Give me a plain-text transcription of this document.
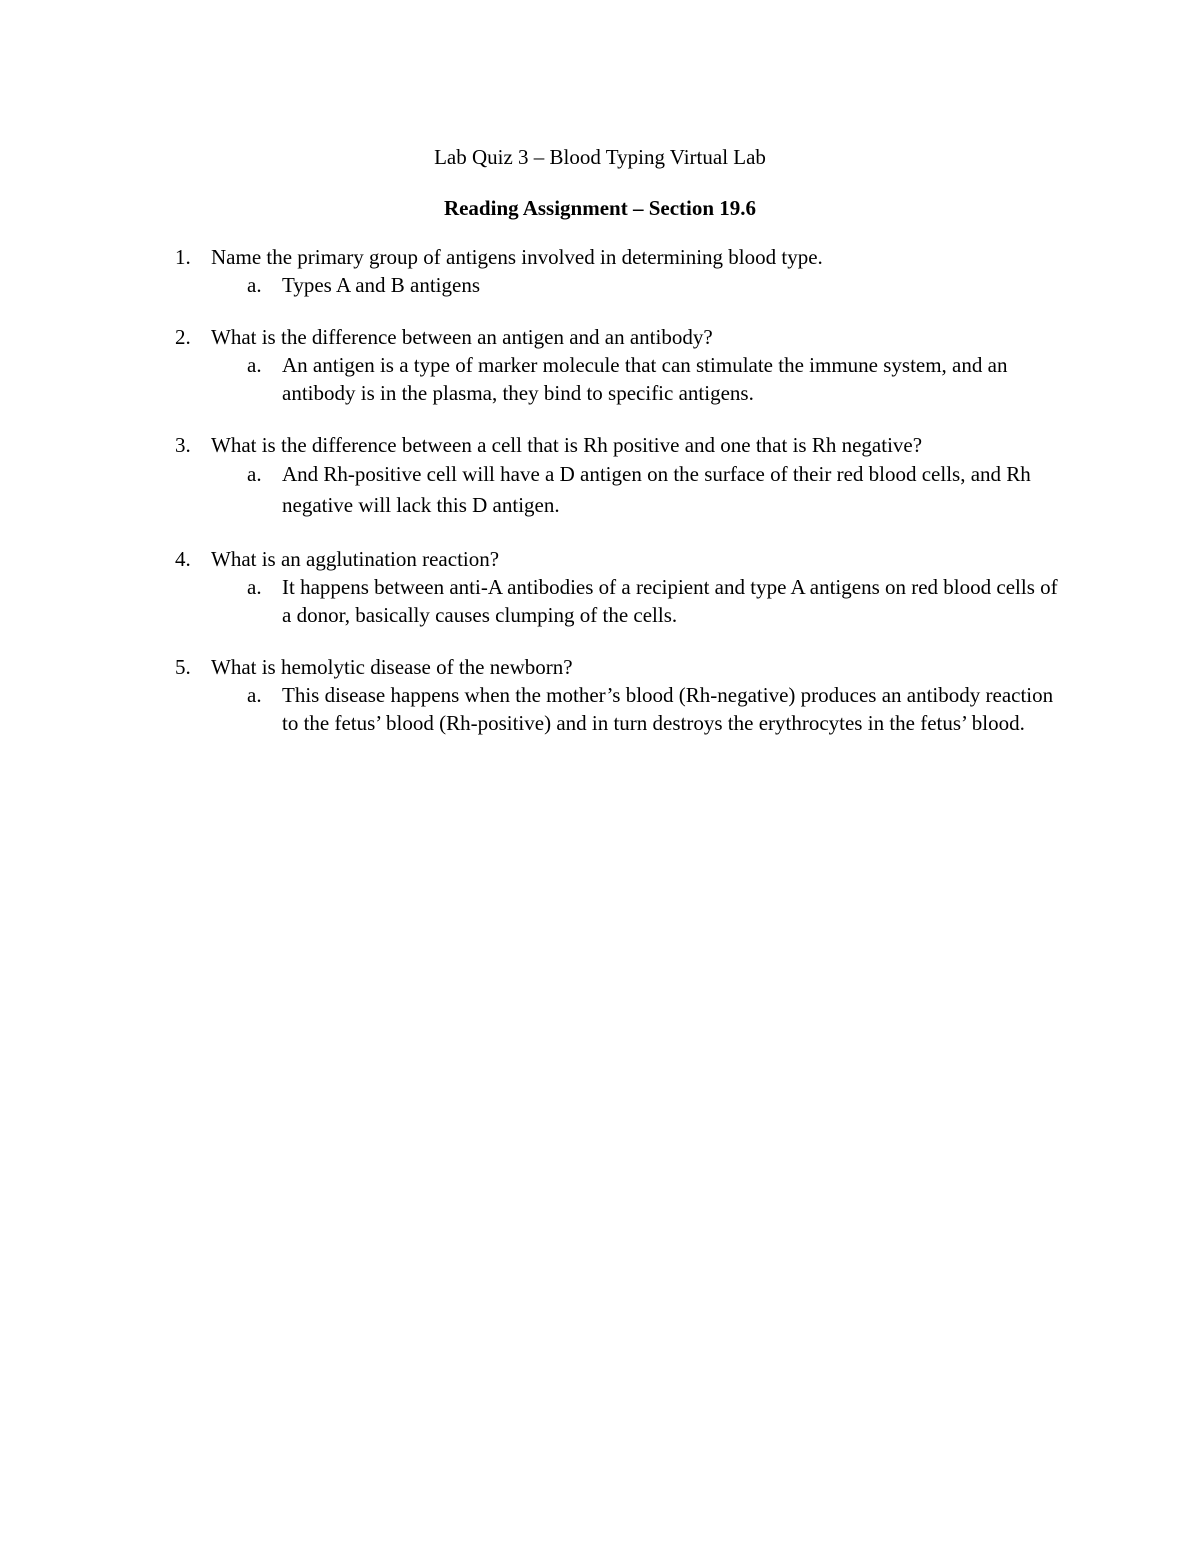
Lab Quiz 3 – Blood Typing Virtual Lab
Reading Assignment – Section 19.6
1. Name the primary group of antigens involved in determining blood type.
a. Types A and B antigens
2. What is the difference between an antigen and an antibody?
a. An antigen is a type of marker molecule that can stimulate the immune system, and an antibody is in the plasma, they bind to specific antigens.
3. What is the difference between a cell that is Rh positive and one that is Rh negative?
a. And Rh-positive cell will have a D antigen on the surface of their red blood cells, and Rh negative will lack this D antigen.
4. What is an agglutination reaction?
a. It happens between anti-A antibodies of a recipient and type A antigens on red blood cells of a donor, basically causes clumping of the cells.
5. What is hemolytic disease of the newborn?
a. This disease happens when the mother’s blood (Rh-negative) produces an antibody reaction to the fetus’ blood (Rh-positive) and in turn destroys the erythrocytes in the fetus’ blood.
